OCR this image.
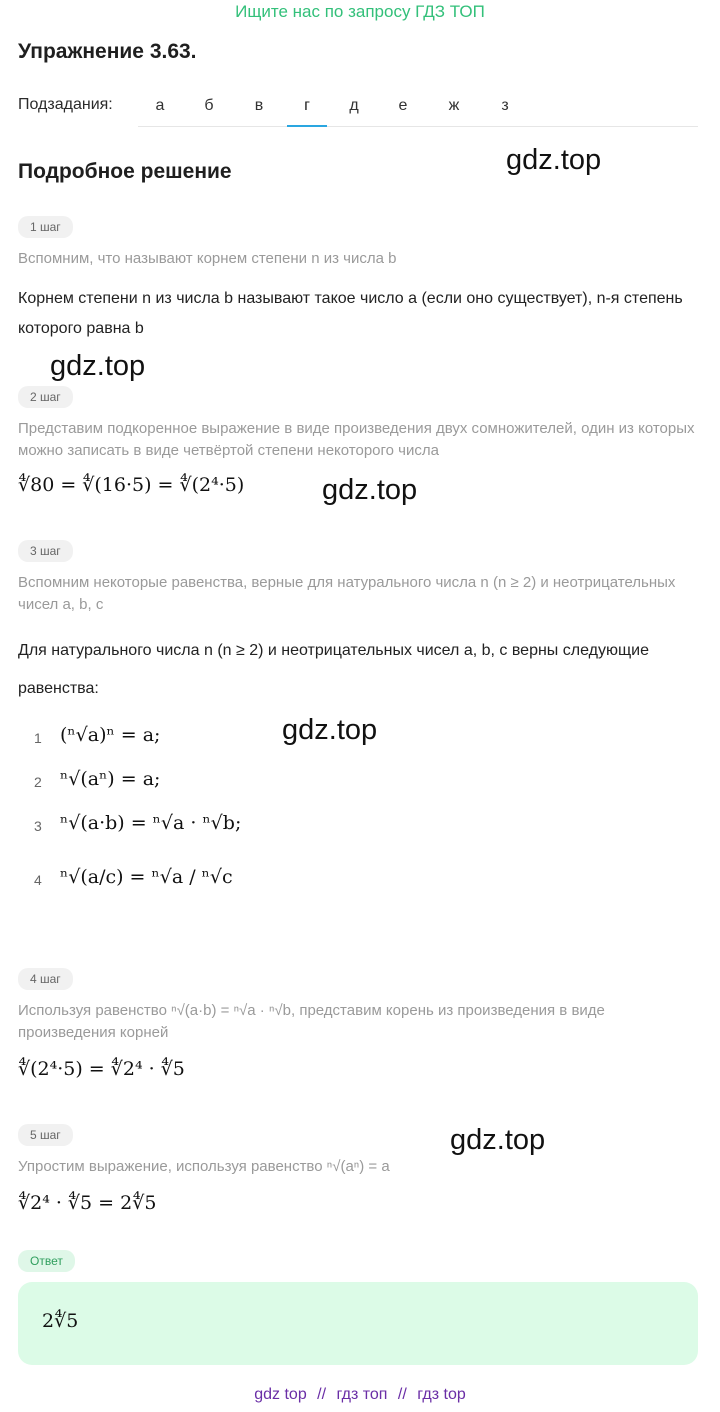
Ищите нас по запросу ГДЗ ТОП
Упражнение 3.63.
Подзадания:	а	б	в	г	д	е	ж	з
Подробное решение	gdz.top
gdz.top
gdz.top
gdz.top
gdz.top
1 шаг
Вспомним, что называют корнем степени n из числа b
Корнем степени n из числа b называют такое число a (если оно существует), n-я степень которого равна b
2 шаг
Представим подкоренное выражение в виде произведения двух сомножителей, один из которых можно записать в виде четвёртой степени некоторого числа
∜80 = ∜(16·5) = ∜(2⁴·5)
3 шаг
Вспомним некоторые равенства, верные для натурального числа n (n ≥ 2) и неотрицательных чисел a, b, c
Для натурального числа n (n ≥ 2) и неотрицательных чисел a, b, c верны следующие равенства:
1 (ⁿ√a)ⁿ = a;
2 ⁿ√(aⁿ) = a;
3 ⁿ√(a·b) = ⁿ√a · ⁿ√b;
4 ⁿ√(a/c) = ⁿ√a / ⁿ√c
4 шаг
Используя равенство ⁿ√(a·b) = ⁿ√a · ⁿ√b, представим корень из произведения в виде произведения корней
∜(2⁴·5) = ∜2⁴ · ∜5
5 шаг
Упростим выражение, используя равенство ⁿ√(aⁿ) = a
∜2⁴ · ∜5 = 2∜5
Ответ
2∜5
gdz top // гдз топ // гдз top
